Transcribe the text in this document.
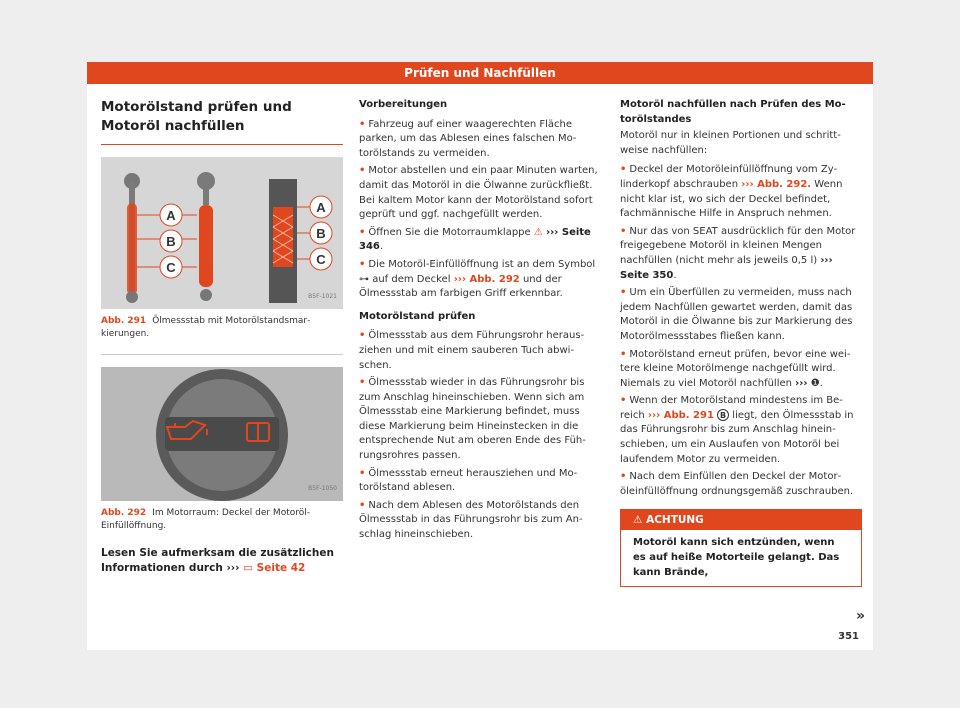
Prüfen und Nachfüllen
Motorölstand prüfen und Motoröl nachfüllen
A
B
C
A
B
C
B5F-1021
Abb. 291 Ölmessstab mit Motorölstandsmarkierungen.
B5F-1050
Abb. 292 Im Motorraum: Deckel der Motoröl-Einfüllöffnung.
Lesen Sie aufmerksam die zusätzlichen Informationen durch ››› ▭ Seite 42

Vorbereitungen

• Fahrzeug auf einer waagerechten Fläche parken, um das Ablesen eines falschen Motorölstands zu vermeiden.
• Motor abstellen und ein paar Minuten warten, damit das Motoröl in die Ölwanne zurückfließt. Bei kaltem Motor kann der Motorölstand sofort geprüft und ggf. nachgefüllt werden.
• Öffnen Sie die Motorraumklappe ⚠ ››› Seite 346.
• Die Motoröl-Einfüllöffnung ist an dem Symbol ⊶ auf dem Deckel ››› Abb. 292 und der Ölmessstab am farbigen Griff erkennbar.

Motorölstand prüfen

• Ölmessstab aus dem Führungsrohr herausziehen und mit einem sauberen Tuch abwischen.
• Ölmessstab wieder in das Führungsrohr bis zum Anschlag hineinschieben. Wenn sich am Ölmessstab eine Markierung befindet, muss diese Markierung beim Hineinstecken in die entsprechende Nut am oberen Ende des Führungsrohres passen.
• Ölmessstab erneut herausziehen und Motorölstand ablesen.
• Nach dem Ablesen des Motorölstands den Ölmessstab in das Führungsrohr bis zum Anschlag hineinschieben.

Motoröl nachfüllen nach Prüfen des Motorölstandes

Motoröl nur in kleinen Portionen und schrittweise nachfüllen:

• Deckel der Motoröleinfüllöffnung vom Zylinderkopf abschrauben ››› Abb. 292. Wenn nicht klar ist, wo sich der Deckel befindet, fachmännische Hilfe in Anspruch nehmen.
• Nur das von SEAT ausdrücklich für den Motor freigegebene Motoröl in kleinen Mengen nachfüllen (nicht mehr als jeweils 0,5 l) ››› Seite 350.
• Um ein Überfüllen zu vermeiden, muss nach jedem Nachfüllen gewartet werden, damit das Motoröl in die Ölwanne bis zur Markierung des Motorölmessstabes fließen kann.
• Motorölstand erneut prüfen, bevor eine weitere kleine Motorölmenge nachgefüllt wird. Niemals zu viel Motoröl nachfüllen ››› ❶.
• Wenn der Motorölstand mindestens im Bereich ››› Abb. 291 B liegt, den Ölmessstab in das Führungsrohr bis zum Anschlag hineinschieben, um ein Auslaufen von Motoröl bei laufendem Motor zu vermeiden.
• Nach dem Einfüllen den Deckel der Motoröleinfüllöffnung ordnungsgemäß zuschrauben.
⚠ ACHTUNG
Motoröl kann sich entzünden, wenn es auf heiße Motorteile gelangt. Das kann Brände,
»
351
